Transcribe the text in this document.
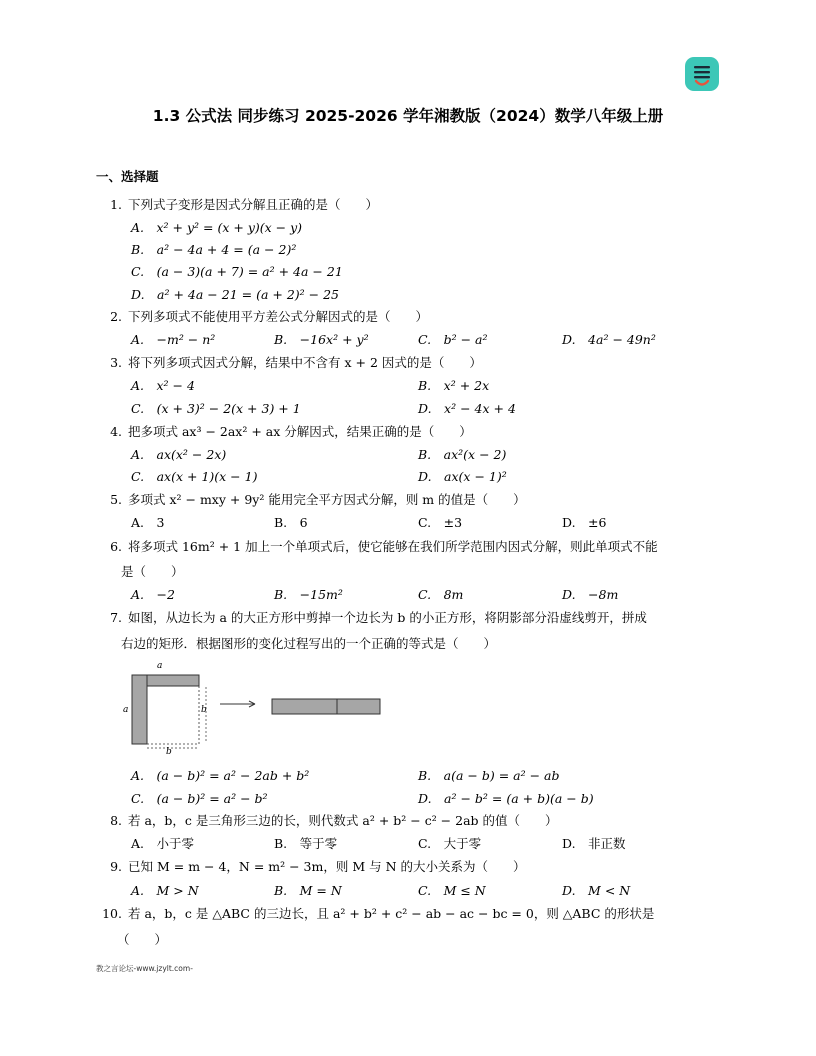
1.3 公式法 同步练习 2025-2026 学年湘教版（2024）数学八年级上册
一、选择题
1. 下列式子变形是因式分解且正确的是（　　）
A.　x² + y² = (x + y)(x − y)
B.　a² − 4a + 4 = (a − 2)²
C.　(a − 3)(a + 7) = a² + 4a − 21
D.　a² + 4a − 21 = (a + 2)² − 25
2. 下列多项式不能使用平方差公式分解因式的是（　　）
A.　−m² − n²	B.　−16x² + y²	C.　b² − a²	D.　4a² − 49n²
3. 将下列多项式因式分解，结果中不含有 x + 2 因式的是（　　）
A.　x² − 4	B.　x² + 2x
C.　(x + 3)² − 2(x + 3) + 1	D.　x² − 4x + 4
4. 把多项式 ax³ − 2ax² + ax 分解因式，结果正确的是（　　）
A.　ax(x² − 2x)	B.　ax²(x − 2)
C.　ax(x + 1)(x − 1)	D.　ax(x − 1)²
5. 多项式 x² − mxy + 9y² 能用完全平方因式分解，则 m 的值是（　　）
A.　3	B.　6	C.　±3	D.　±6
6. 将多项式 16m² + 1 加上一个单项式后，使它能够在我们所学范围内因式分解，则此单项式不能
是（　　）
A.　−2	B.　−15m²	C.　8m	D.　−8m
7. 如图，从边长为 a 的大正方形中剪掉一个边长为 b 的小正方形，将阴影部分沿虚线剪开，拼成
右边的矩形．根据图形的变化过程写出的一个正确的等式是（　　）
a
a	b
b
A.　(a − b)² = a² − 2ab + b²	B.　a(a − b) = a² − ab
C.　(a − b)² = a² − b²	D.　a² − b² = (a + b)(a − b)
8. 若 a，b，c 是三角形三边的长，则代数式 a² + b² − c² − 2ab 的值（　　）
A.　小于零	B.　等于零	C.　大于零	D.　非正数
9. 已知 M = m − 4，N = m² − 3m，则 M 与 N 的大小关系为（　　）
A.　M > N	B.　M = N	C.　M ≤ N	D.　M < N
10. 若 a，b，c 是 △ABC 的三边长，且 a² + b² + c² − ab − ac − bc = 0，则 △ABC 的形状是
（　　）
教之言论坛-www.jzylt.com-
